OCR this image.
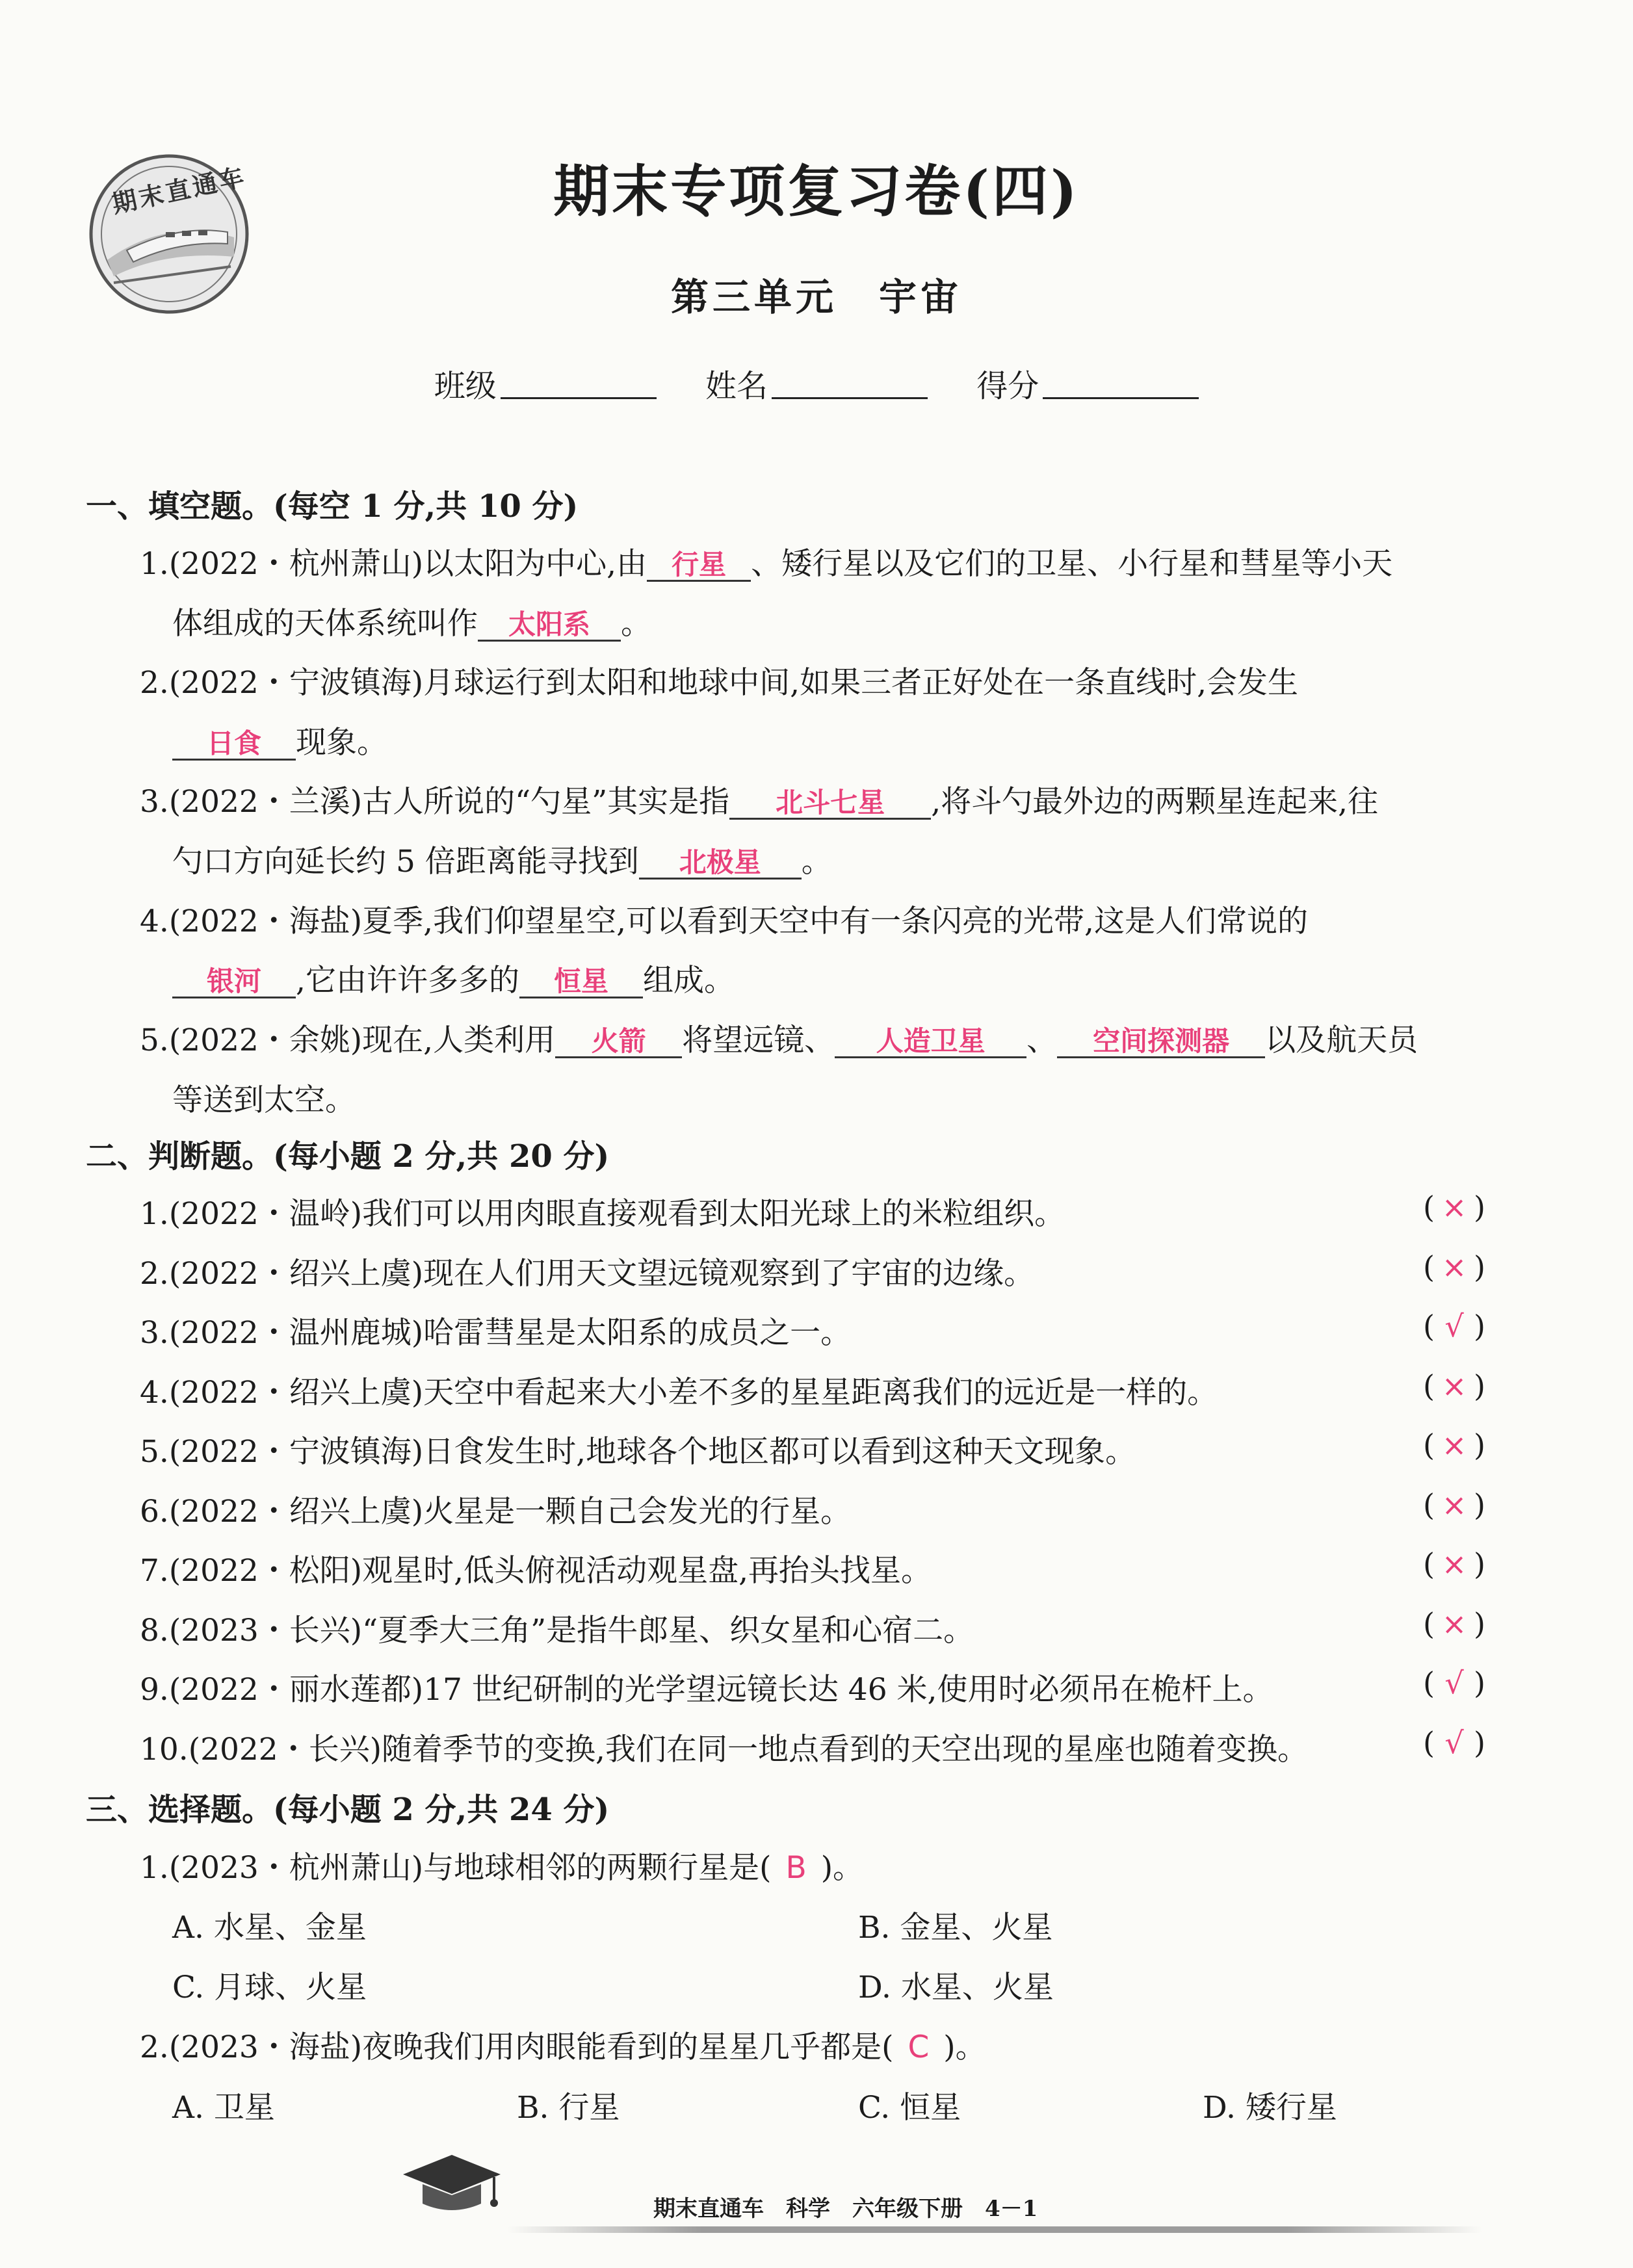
期末直通车	期末专项复习卷(四)
第三单元　宇宙
班级	姓名	得分
一、填空题。(每空 1 分,共 10 分)
1.(2022・杭州萧山)以太阳为中心,由 行星 、矮行星以及它们的卫星、小行星和彗星等小天
体组成的天体系统叫作 太阳系 。
2.(2022・宁波镇海)月球运行到太阳和地球中间,如果三者正好处在一条直线时,会发生
日食 现象。
3.(2022・兰溪)古人所说的“勺星”其实是指 北斗七星 ,将斗勺最外边的两颗星连起来,往
勺口方向延长约 5 倍距离能寻找到 北极星 。
4.(2022・海盐)夏季,我们仰望星空,可以看到天空中有一条闪亮的光带,这是人们常说的
银河 ,它由许许多多的 恒星 组成。
5.(2022・余姚)现在,人类利用 火箭 将望远镜、 人造卫星 、 空间探测器 以及航天员
等送到太空。
二、判断题。(每小题 2 分,共 20 分)
1.(2022・温岭)我们可以用肉眼直接观看到太阳光球上的米粒组织。	( × )
2.(2022・绍兴上虞)现在人们用天文望远镜观察到了宇宙的边缘。	( × )
3.(2022・温州鹿城)哈雷彗星是太阳系的成员之一。	( √ )
4.(2022・绍兴上虞)天空中看起来大小差不多的星星距离我们的远近是一样的。	( × )
5.(2022・宁波镇海)日食发生时,地球各个地区都可以看到这种天文现象。	( × )
6.(2022・绍兴上虞)火星是一颗自己会发光的行星。	( × )
7.(2022・松阳)观星时,低头俯视活动观星盘,再抬头找星。	( × )
8.(2023・长兴)“夏季大三角”是指牛郎星、织女星和心宿二。	( × )
9.(2022・丽水莲都)17 世纪研制的光学望远镜长达 46 米,使用时必须吊在桅杆上。	( √ )
10.(2022・长兴)随着季节的变换,我们在同一地点看到的天空出现的星座也随着变换。	( √ )
三、选择题。(每小题 2 分,共 24 分)
1.(2023・杭州萧山)与地球相邻的两颗行星是( B )。
A. 水星、金星	B. 金星、火星
C. 月球、火星	D. 水星、火星
2.(2023・海盐)夜晚我们用肉眼能看到的星星几乎都是( C )。
A. 卫星	B. 行星	C. 恒星	D. 矮行星
期末直通车　科学　六年级下册　4－1
